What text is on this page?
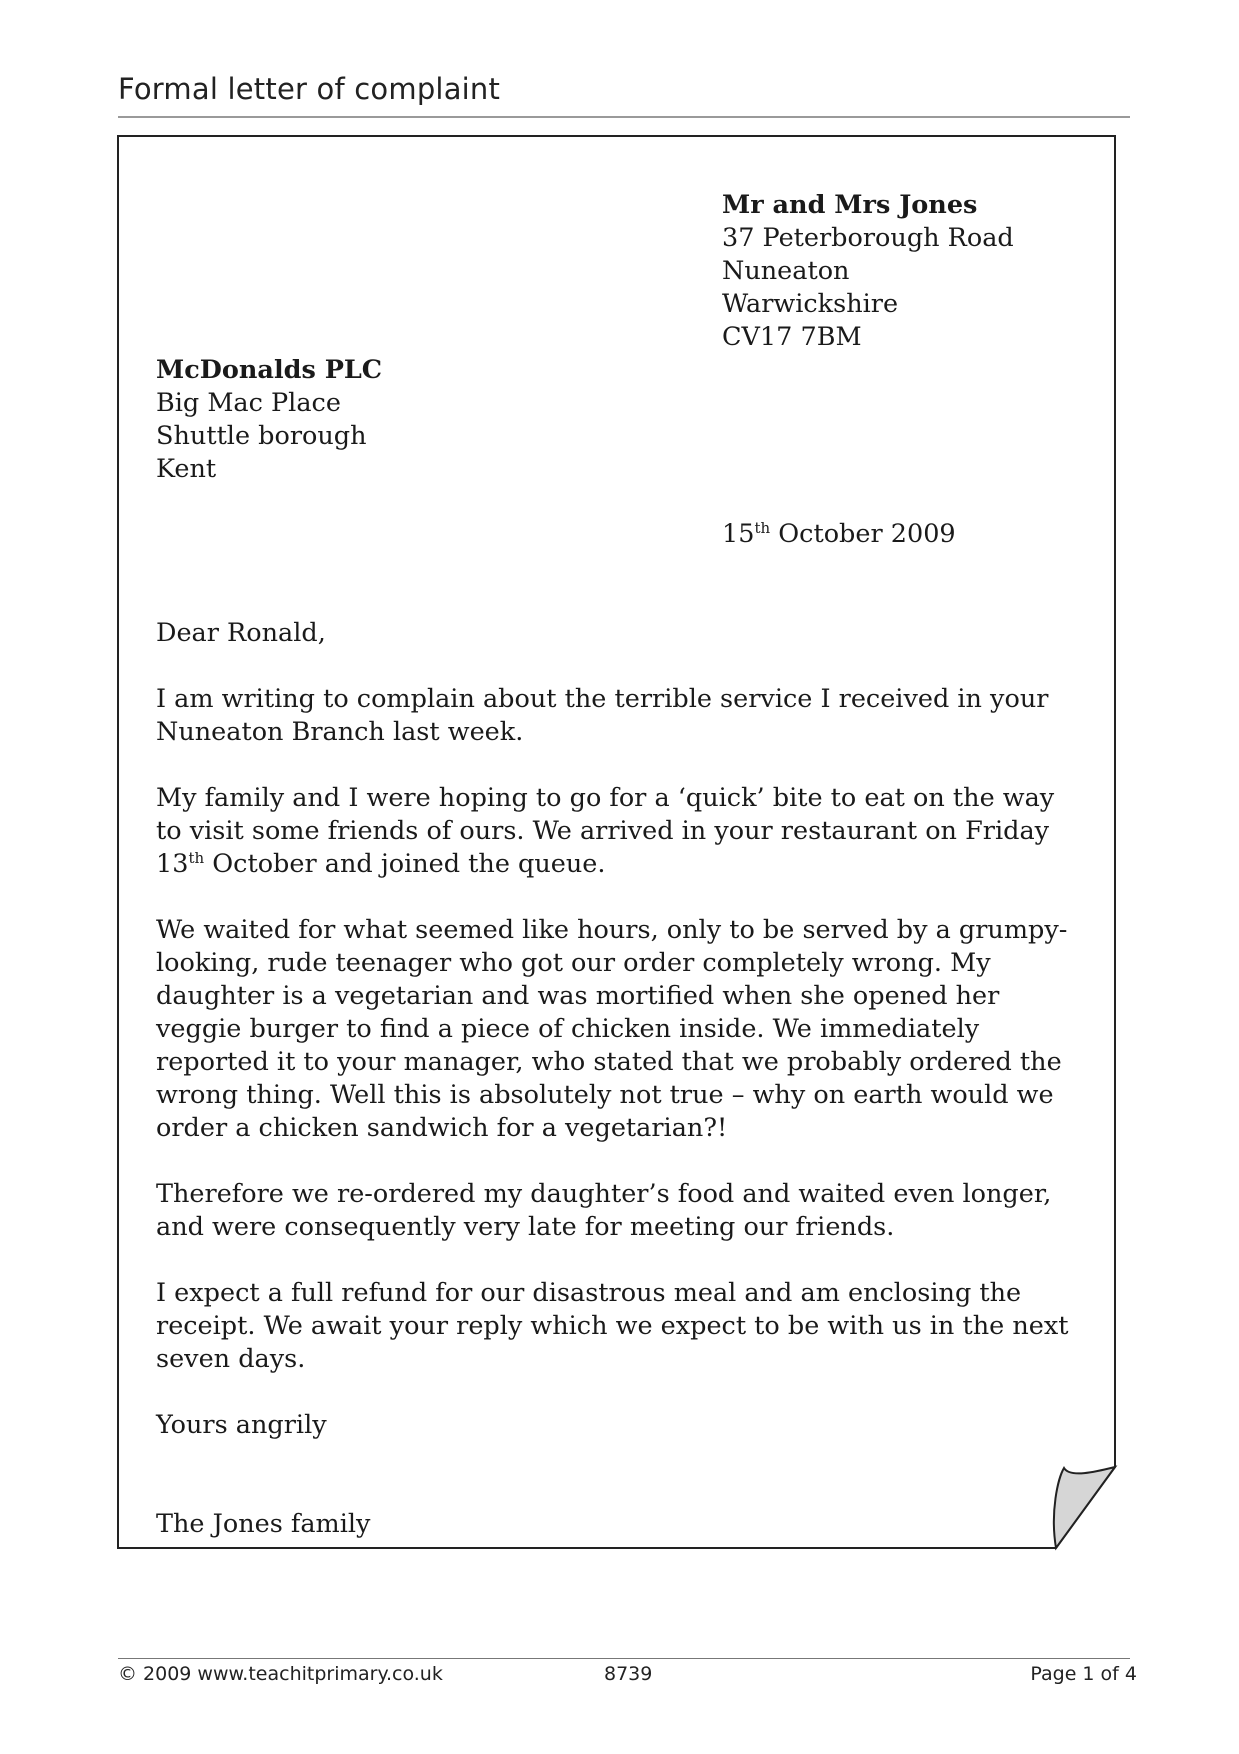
Formal letter of complaint
Mr and Mrs Jones
37 Peterborough Road
Nuneaton
Warwickshire
CV17 7BM
McDonalds PLC
Big Mac Place
Shuttle borough
Kent
15th October 2009

Dear Ronald,

I am writing to complain about the terrible service I received in your Nuneaton Branch last week.

My family and I were hoping to go for a ‘quick’ bite to eat on the way to visit some friends of ours. We arrived in your restaurant on Friday 13th October and joined the queue.

We waited for what seemed like hours, only to be served by a grumpy-looking, rude teenager who got our order completely wrong. My daughter is a vegetarian and was mortified when she opened her veggie burger to find a piece of chicken inside. We immediately reported it to your manager, who stated that we probably ordered the wrong thing. Well this is absolutely not true – why on earth would we order a chicken sandwich for a vegetarian?!

Therefore we re-ordered my daughter’s food and waited even longer, and were consequently very late for meeting our friends.

I expect a full refund for our disastrous meal and am enclosing the receipt. We await your reply which we expect to be with us in the next seven days.

Yours angrily

The Jones family

© 2009 www.teachitprimary.co.uk	8739	Page 1 of 4
